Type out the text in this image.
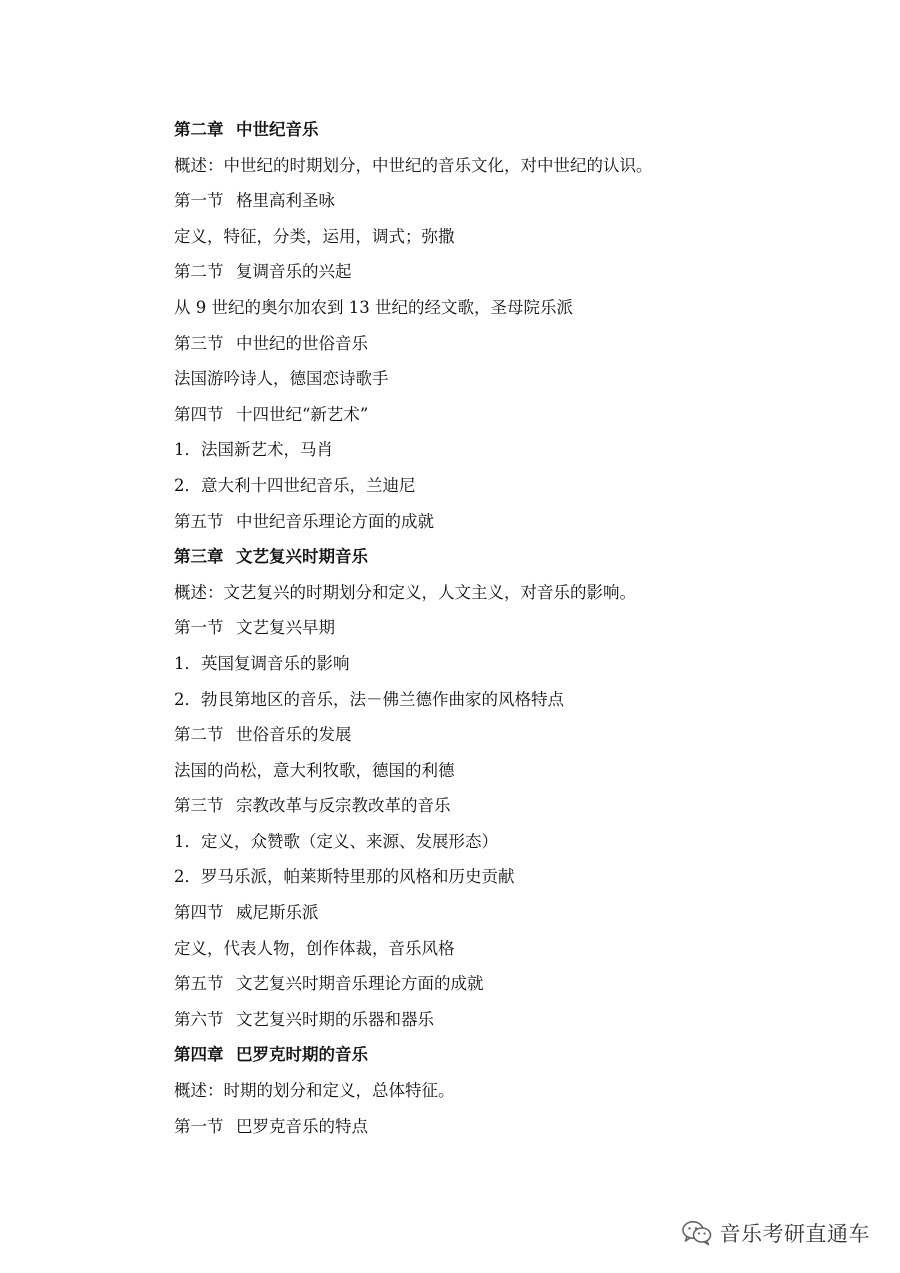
第二章 中世纪音乐
概述：中世纪的时期划分，中世纪的音乐文化，对中世纪的认识。
第一节 格里高利圣咏
定义，特征，分类，运用，调式；弥撒
第二节 复调音乐的兴起
从 9 世纪的奥尔加农到 13 世纪的经文歌，圣母院乐派
第三节 中世纪的世俗音乐
法国游吟诗人，德国恋诗歌手
第四节 十四世纪“新艺术”
1．法国新艺术，马肖
2．意大利十四世纪音乐，兰迪尼
第五节 中世纪音乐理论方面的成就
第三章 文艺复兴时期音乐
概述：文艺复兴的时期划分和定义，人文主义，对音乐的影响。
第一节 文艺复兴早期
1．英国复调音乐的影响
2．勃艮第地区的音乐，法－佛兰德作曲家的风格特点
第二节 世俗音乐的发展
法国的尚松，意大利牧歌，德国的利德
第三节 宗教改革与反宗教改革的音乐
1．定义，众赞歌（定义、来源、发展形态）
2．罗马乐派，帕莱斯特里那的风格和历史贡献
第四节 威尼斯乐派
定义，代表人物，创作体裁，音乐风格
第五节 文艺复兴时期音乐理论方面的成就
第六节 文艺复兴时期的乐器和器乐
第四章 巴罗克时期的音乐
概述：时期的划分和定义，总体特征。
第一节 巴罗克音乐的特点
音乐考研直通车
